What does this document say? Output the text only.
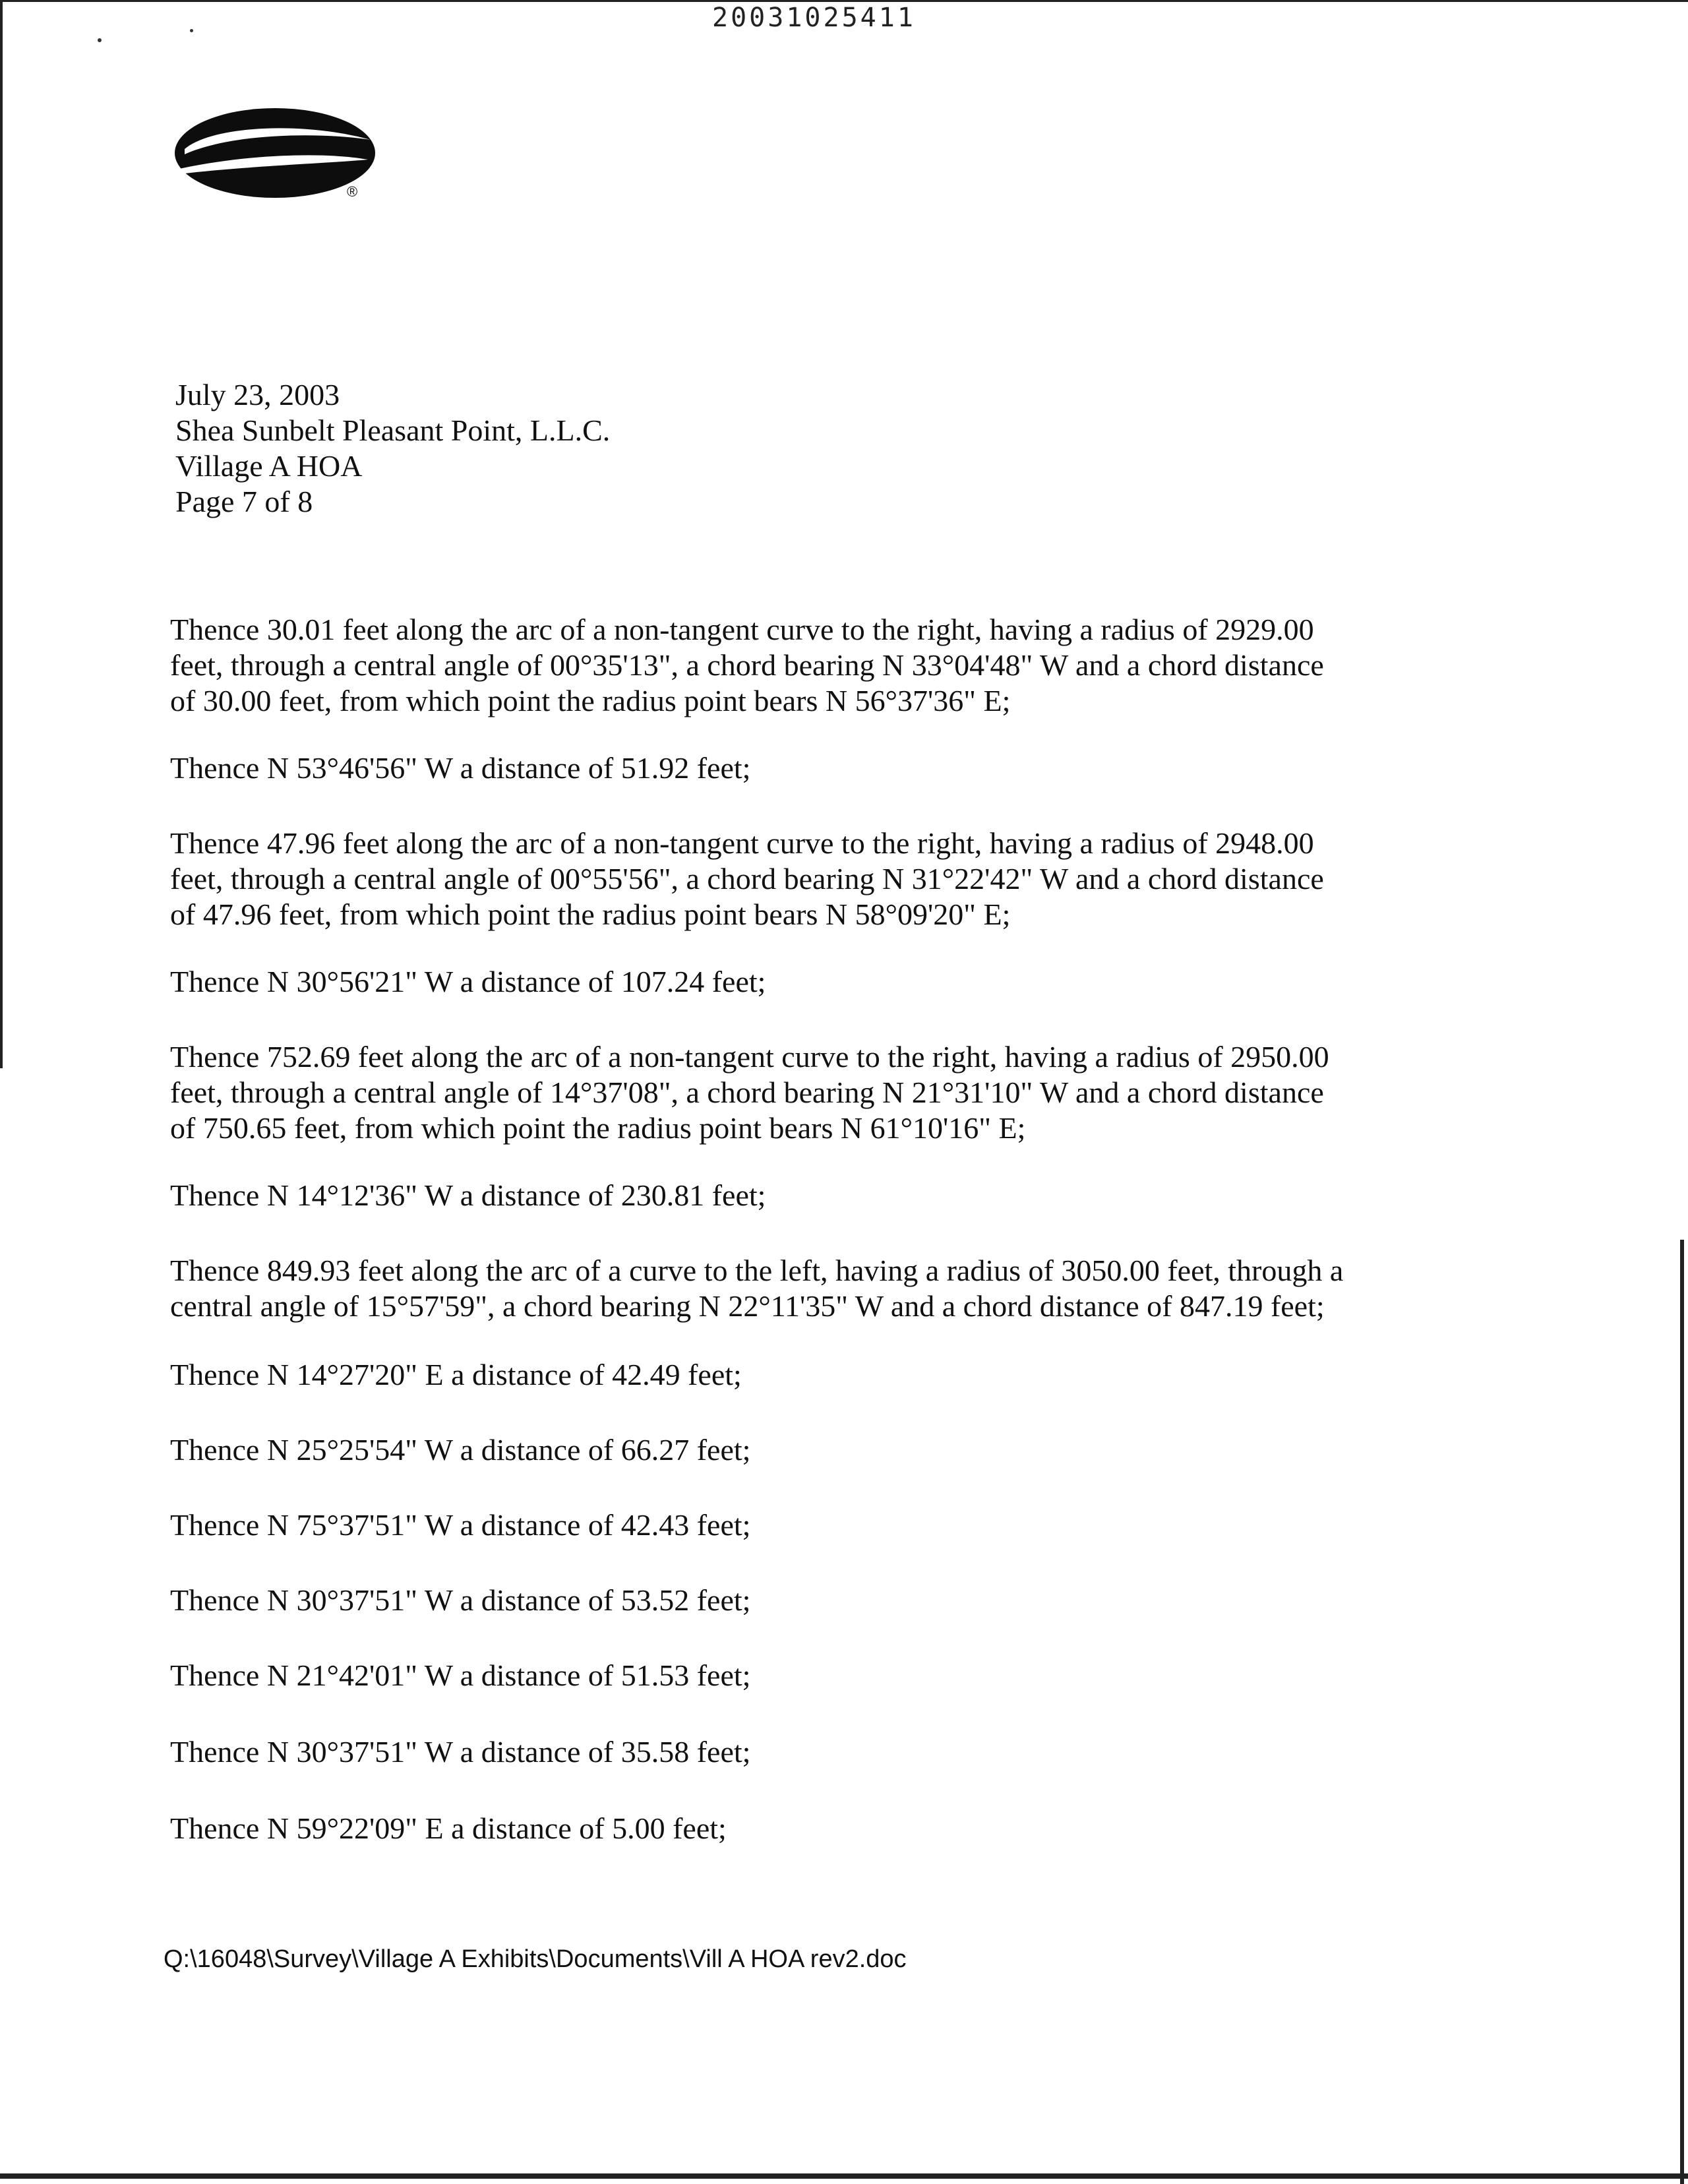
20031025411
®
July 23, 2003
Shea Sunbelt Pleasant Point, L.L.C.
Village A HOA
Page 7 of 8

Thence 30.01 feet along the arc of a non-tangent curve to the right, having a radius of 2929.00
feet, through a central angle of 00°35'13", a chord bearing N 33°04'48" W and a chord distance
of 30.00 feet, from which point the radius point bears N 56°37'36" E;

Thence N 53°46'56" W a distance of 51.92 feet;

Thence 47.96 feet along the arc of a non-tangent curve to the right, having a radius of 2948.00
feet, through a central angle of 00°55'56", a chord bearing N 31°22'42" W and a chord distance
of 47.96 feet, from which point the radius point bears N 58°09'20" E;

Thence N 30°56'21" W a distance of 107.24 feet;

Thence 752.69 feet along the arc of a non-tangent curve to the right, having a radius of 2950.00
feet, through a central angle of 14°37'08", a chord bearing N 21°31'10" W and a chord distance
of 750.65 feet, from which point the radius point bears N 61°10'16" E;

Thence N 14°12'36" W a distance of 230.81 feet;

Thence 849.93 feet along the arc of a curve to the left, having a radius of 3050.00 feet, through a
central angle of 15°57'59", a chord bearing N 22°11'35" W and a chord distance of 847.19 feet;

Thence N 14°27'20" E a distance of 42.49 feet;

Thence N 25°25'54" W a distance of 66.27 feet;

Thence N 75°37'51" W a distance of 42.43 feet;

Thence N 30°37'51" W a distance of 53.52 feet;

Thence N 21°42'01" W a distance of 51.53 feet;

Thence N 30°37'51" W a distance of 35.58 feet;

Thence N 59°22'09" E a distance of 5.00 feet;

Q:\16048\Survey\Village A Exhibits\Documents\Vill A HOA rev2.doc
